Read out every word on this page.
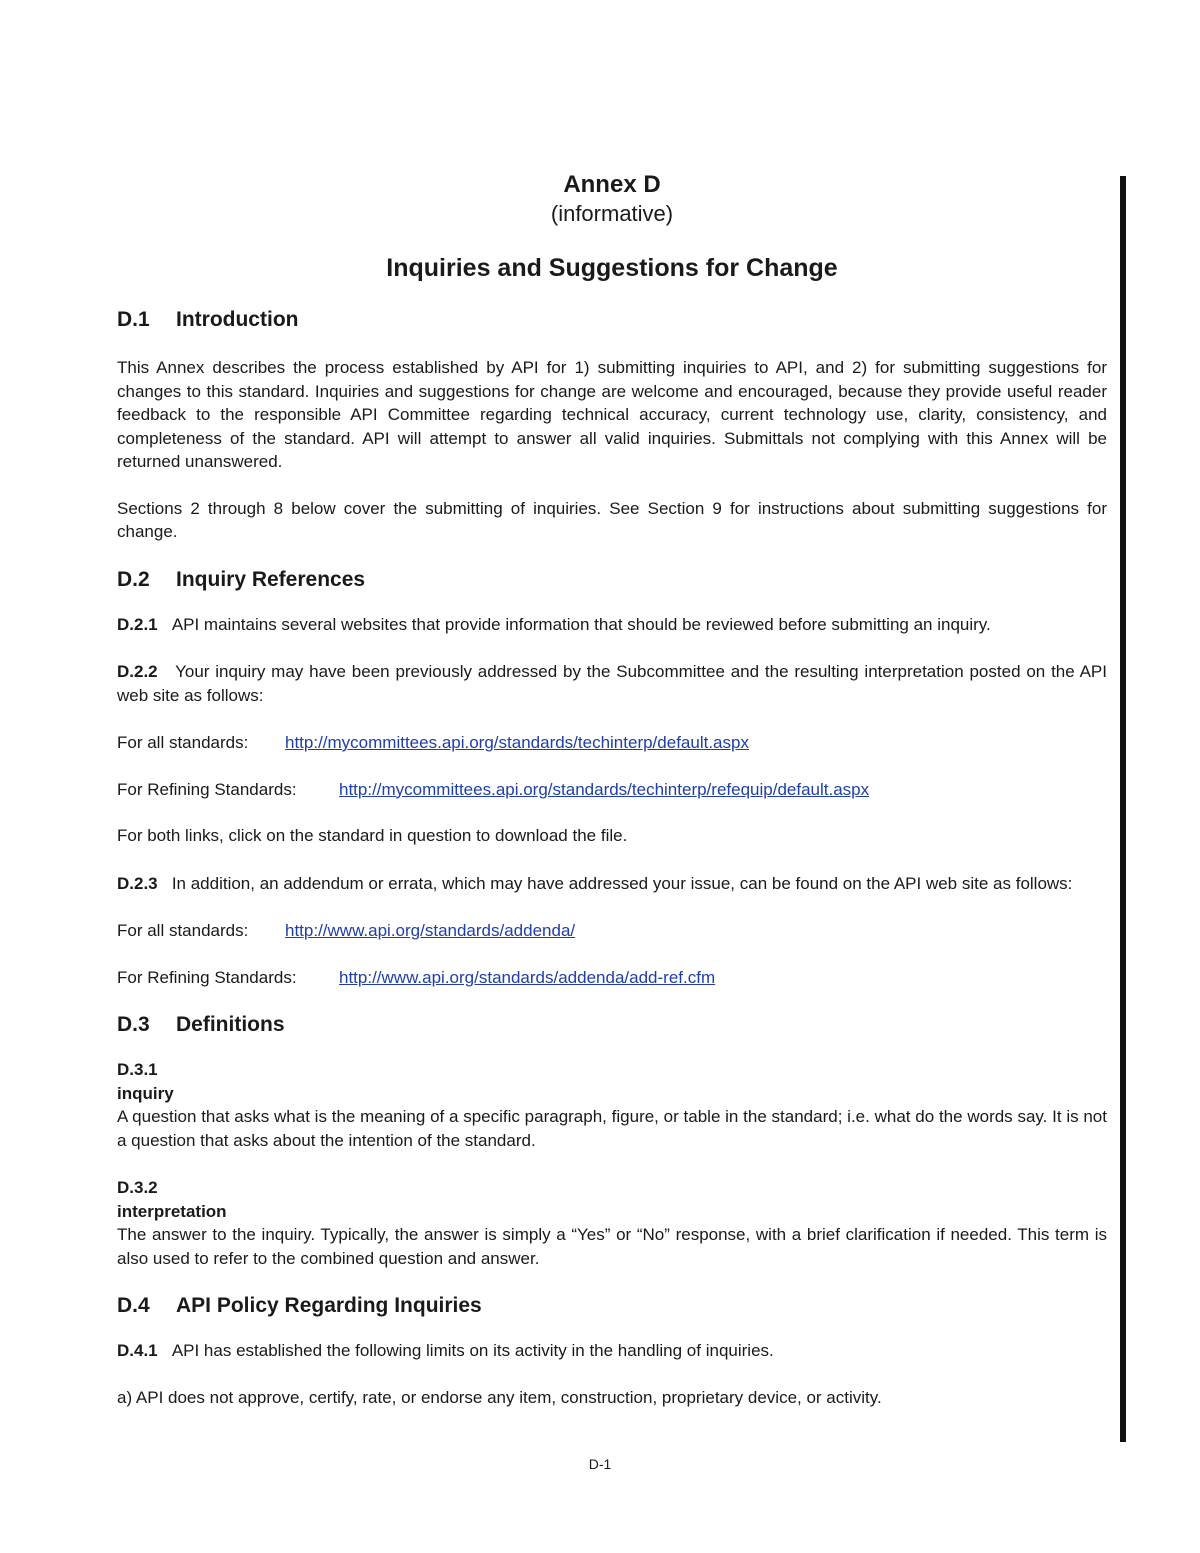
Annex D

(informative)

Inquiries and Suggestions for Change

D.1 Introduction

This Annex describes the process established by API for 1) submitting inquiries to API, and 2) for submitting suggestions for changes to this standard. Inquiries and suggestions for change are welcome and encouraged, because they provide useful reader feedback to the responsible API Committee regarding technical accuracy, current technology use, clarity, consistency, and completeness of the standard. API will attempt to answer all valid inquiries. Submittals not complying with this Annex will be returned unanswered.

Sections 2 through 8 below cover the submitting of inquiries. See Section 9 for instructions about submitting suggestions for change.

D.2 Inquiry References

D.2.1 API maintains several websites that provide information that should be reviewed before submitting an inquiry.

D.2.2 Your inquiry may have been previously addressed by the Subcommittee and the resulting interpretation posted on the API web site as follows:

For all standards: http://mycommittees.api.org/standards/techinterp/default.aspx

For Refining Standards: http://mycommittees.api.org/standards/techinterp/refequip/default.aspx

For both links, click on the standard in question to download the file.

D.2.3 In addition, an addendum or errata, which may have addressed your issue, can be found on the API web site as follows:

For all standards: http://www.api.org/standards/addenda/

For Refining Standards: http://www.api.org/standards/addenda/add-ref.cfm

D.3 Definitions

D.3.1

inquiry

A question that asks what is the meaning of a specific paragraph, figure, or table in the standard; i.e. what do the words say. It is not a question that asks about the intention of the standard.

D.3.2

interpretation

The answer to the inquiry. Typically, the answer is simply a “Yes” or “No” response, with a brief clarification if needed. This term is also used to refer to the combined question and answer.

D.4 API Policy Regarding Inquiries

D.4.1 API has established the following limits on its activity in the handling of inquiries.

a) API does not approve, certify, rate, or endorse any item, construction, proprietary device, or activity.

D-1
